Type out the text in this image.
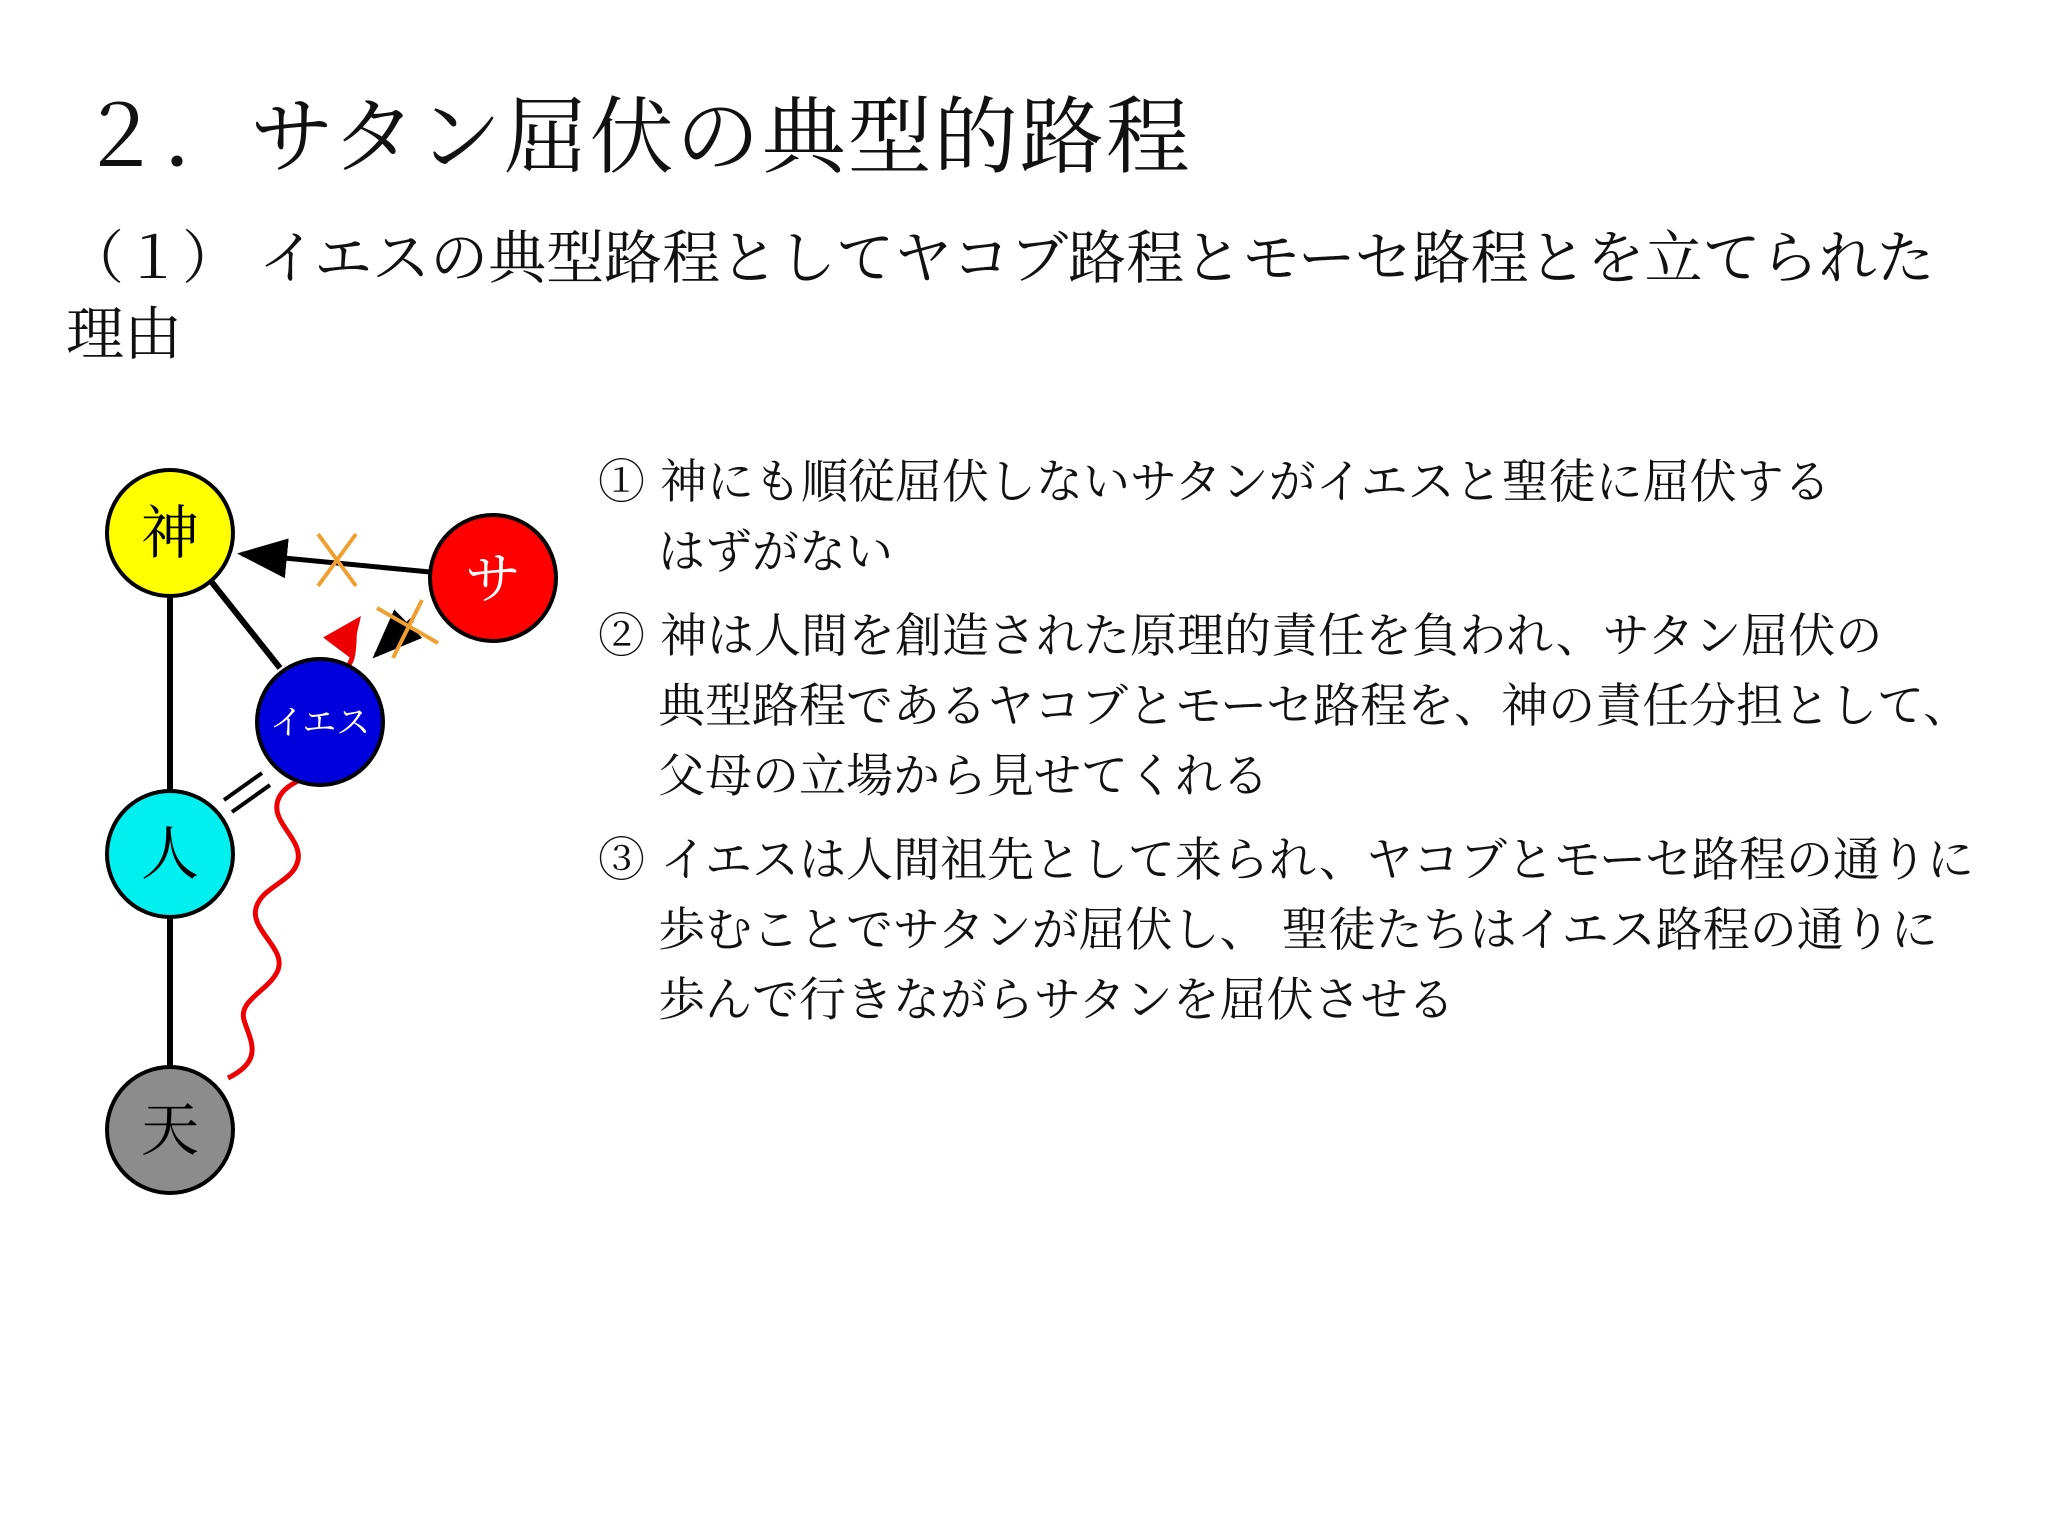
２．サタン屈伏の典型的路程
（１） イエスの典型路程としてヤコブ路程とモーセ路程とを立てられた理由
神
サ
イエス
人
天

① 神にも順従屈伏しないサタンがイエスと聖徒に屈伏する

はずがない

② 神は人間を創造された原理的責任を負われ、サタン屈伏の

典型路程であるヤコブとモーセ路程を、神の責任分担として、

父母の立場から見せてくれる

③ イエスは人間祖先として来られ、ヤコブとモーセ路程の通りに

歩むことでサタンが屈伏し、 聖徒たちはイエス路程の通りに

歩んで行きながらサタンを屈伏させる
